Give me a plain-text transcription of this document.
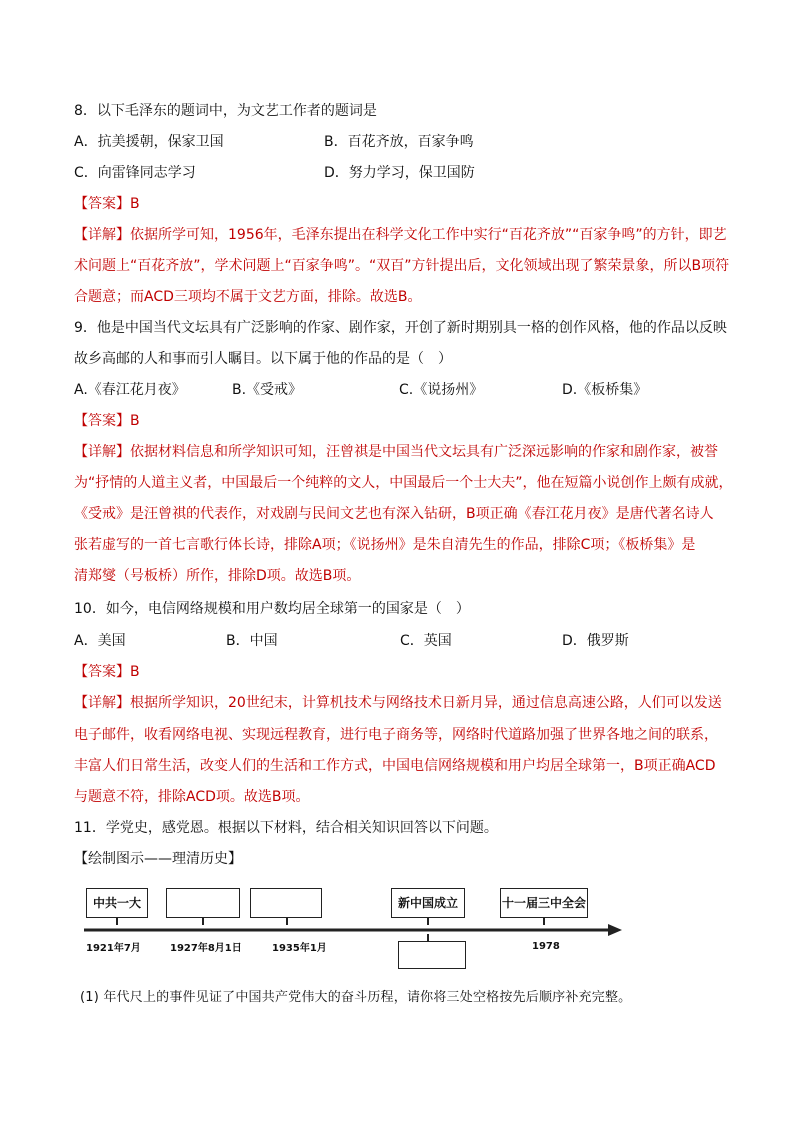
8．以下毛泽东的题词中，为文艺工作者的题词是
A．抗美援朝，保家卫国	B．百花齐放，百家争鸣
C．向雷锋同志学习	D．努力学习，保卫国防
【答案】B
【详解】依据所学可知，1956年，毛泽东提出在科学文化工作中实行“百花齐放”“百家争鸣”的方针，即艺
术问题上“百花齐放”，学术问题上“百家争鸣”。“双百”方针提出后，文化领域出现了繁荣景象，所以B项符
合题意；而ACD三项均不属于文艺方面，排除。故选B。
9．他是中国当代文坛具有广泛影响的作家、剧作家，开创了新时期别具一格的创作风格，他的作品以反映
故乡高邮的人和事而引人瞩目。以下属于他的作品的是（　）
A.《春江花月夜》	B.《受戒》	C.《说扬州》	D.《板桥集》
【答案】B
【详解】依据材料信息和所学知识可知，汪曾祺是中国当代文坛具有广泛深远影响的作家和剧作家，被誉
为“抒情的人道主义者，中国最后一个纯粹的文人，中国最后一个士大夫”，他在短篇小说创作上颇有成就，
《受戒》是汪曾祺的代表作，对戏剧与民间文艺也有深入钻研，B项正确《春江花月夜》是唐代著名诗人
张若虚写的一首七言歌行体长诗，排除A项；《说扬州》是朱自清先生的作品，排除C项；《板桥集》是
清郑燮（号板桥）所作，排除D项。故选B项。
10．如今，电信网络规模和用户数均居全球第一的国家是（　）
A．美国	B．中国	C．英国	D．俄罗斯
【答案】B
【详解】根据所学知识，20世纪末，计算机技术与网络技术日新月异，通过信息高速公路，人们可以发送
电子邮件，收看网络电视、实现远程教育，进行电子商务等，网络时代道路加强了世界各地之间的联系，
丰富人们日常生活，改变人们的生活和工作方式，中国电信网络规模和用户均居全球第一，B项正确ACD
与题意不符，排除ACD项。故选B项。
11．学党史，感党恩。根据以下材料，结合相关知识回答以下问题。
【绘制图示——理清历史】
中共一大	新中国成立	十一届三中全会
1921年7月	1927年8月1日	1935年1月	1978
(1) 年代尺上的事件见证了中国共产党伟大的奋斗历程，请你将三处空格按先后顺序补充完整。
